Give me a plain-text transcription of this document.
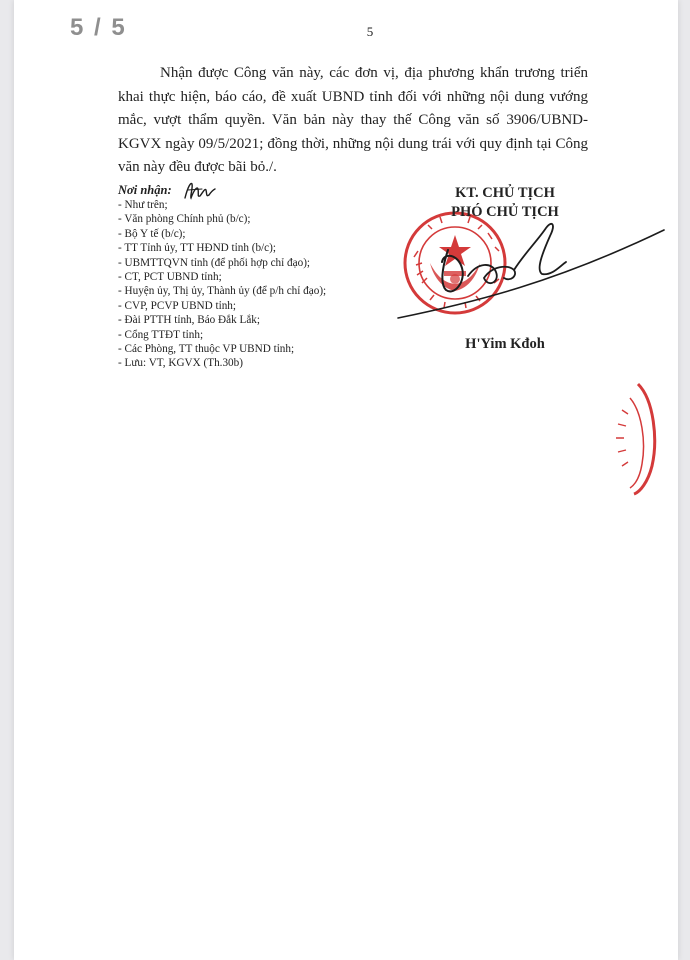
5 / 5	5

Nhận được Công văn này, các đơn vị, địa phương khẩn trương triển khai thực hiện, báo cáo, đề xuất UBND tỉnh đối với những nội dung vướng mắc, vượt thẩm quyền. Văn bản này thay thế Công văn số 3906/UBND-KGVX ngày 09/5/2021; đồng thời, những nội dung trái với quy định tại Công văn này đều được bãi bỏ./.

Nơi nhận:
- Như trên;
- Văn phòng Chính phủ (b/c);
- Bộ Y tế (b/c);
- TT Tỉnh ủy, TT HĐND tỉnh (b/c);
- UBMTTQVN tỉnh (để phối hợp chỉ đạo);
- CT, PCT UBND tỉnh;
- Huyện ủy, Thị ủy, Thành ủy (để p/h chỉ đạo);
- CVP, PCVP UBND tỉnh;
- Đài PTTH tỉnh, Báo Đắk Lắk;
- Cổng TTĐT tỉnh;
- Các Phòng, TT thuộc VP UBND tỉnh;
- Lưu: VT, KGVX (Th.30b)
KT. CHỦ TỊCH
PHÓ CHỦ TỊCH
H'Yim Kđoh
